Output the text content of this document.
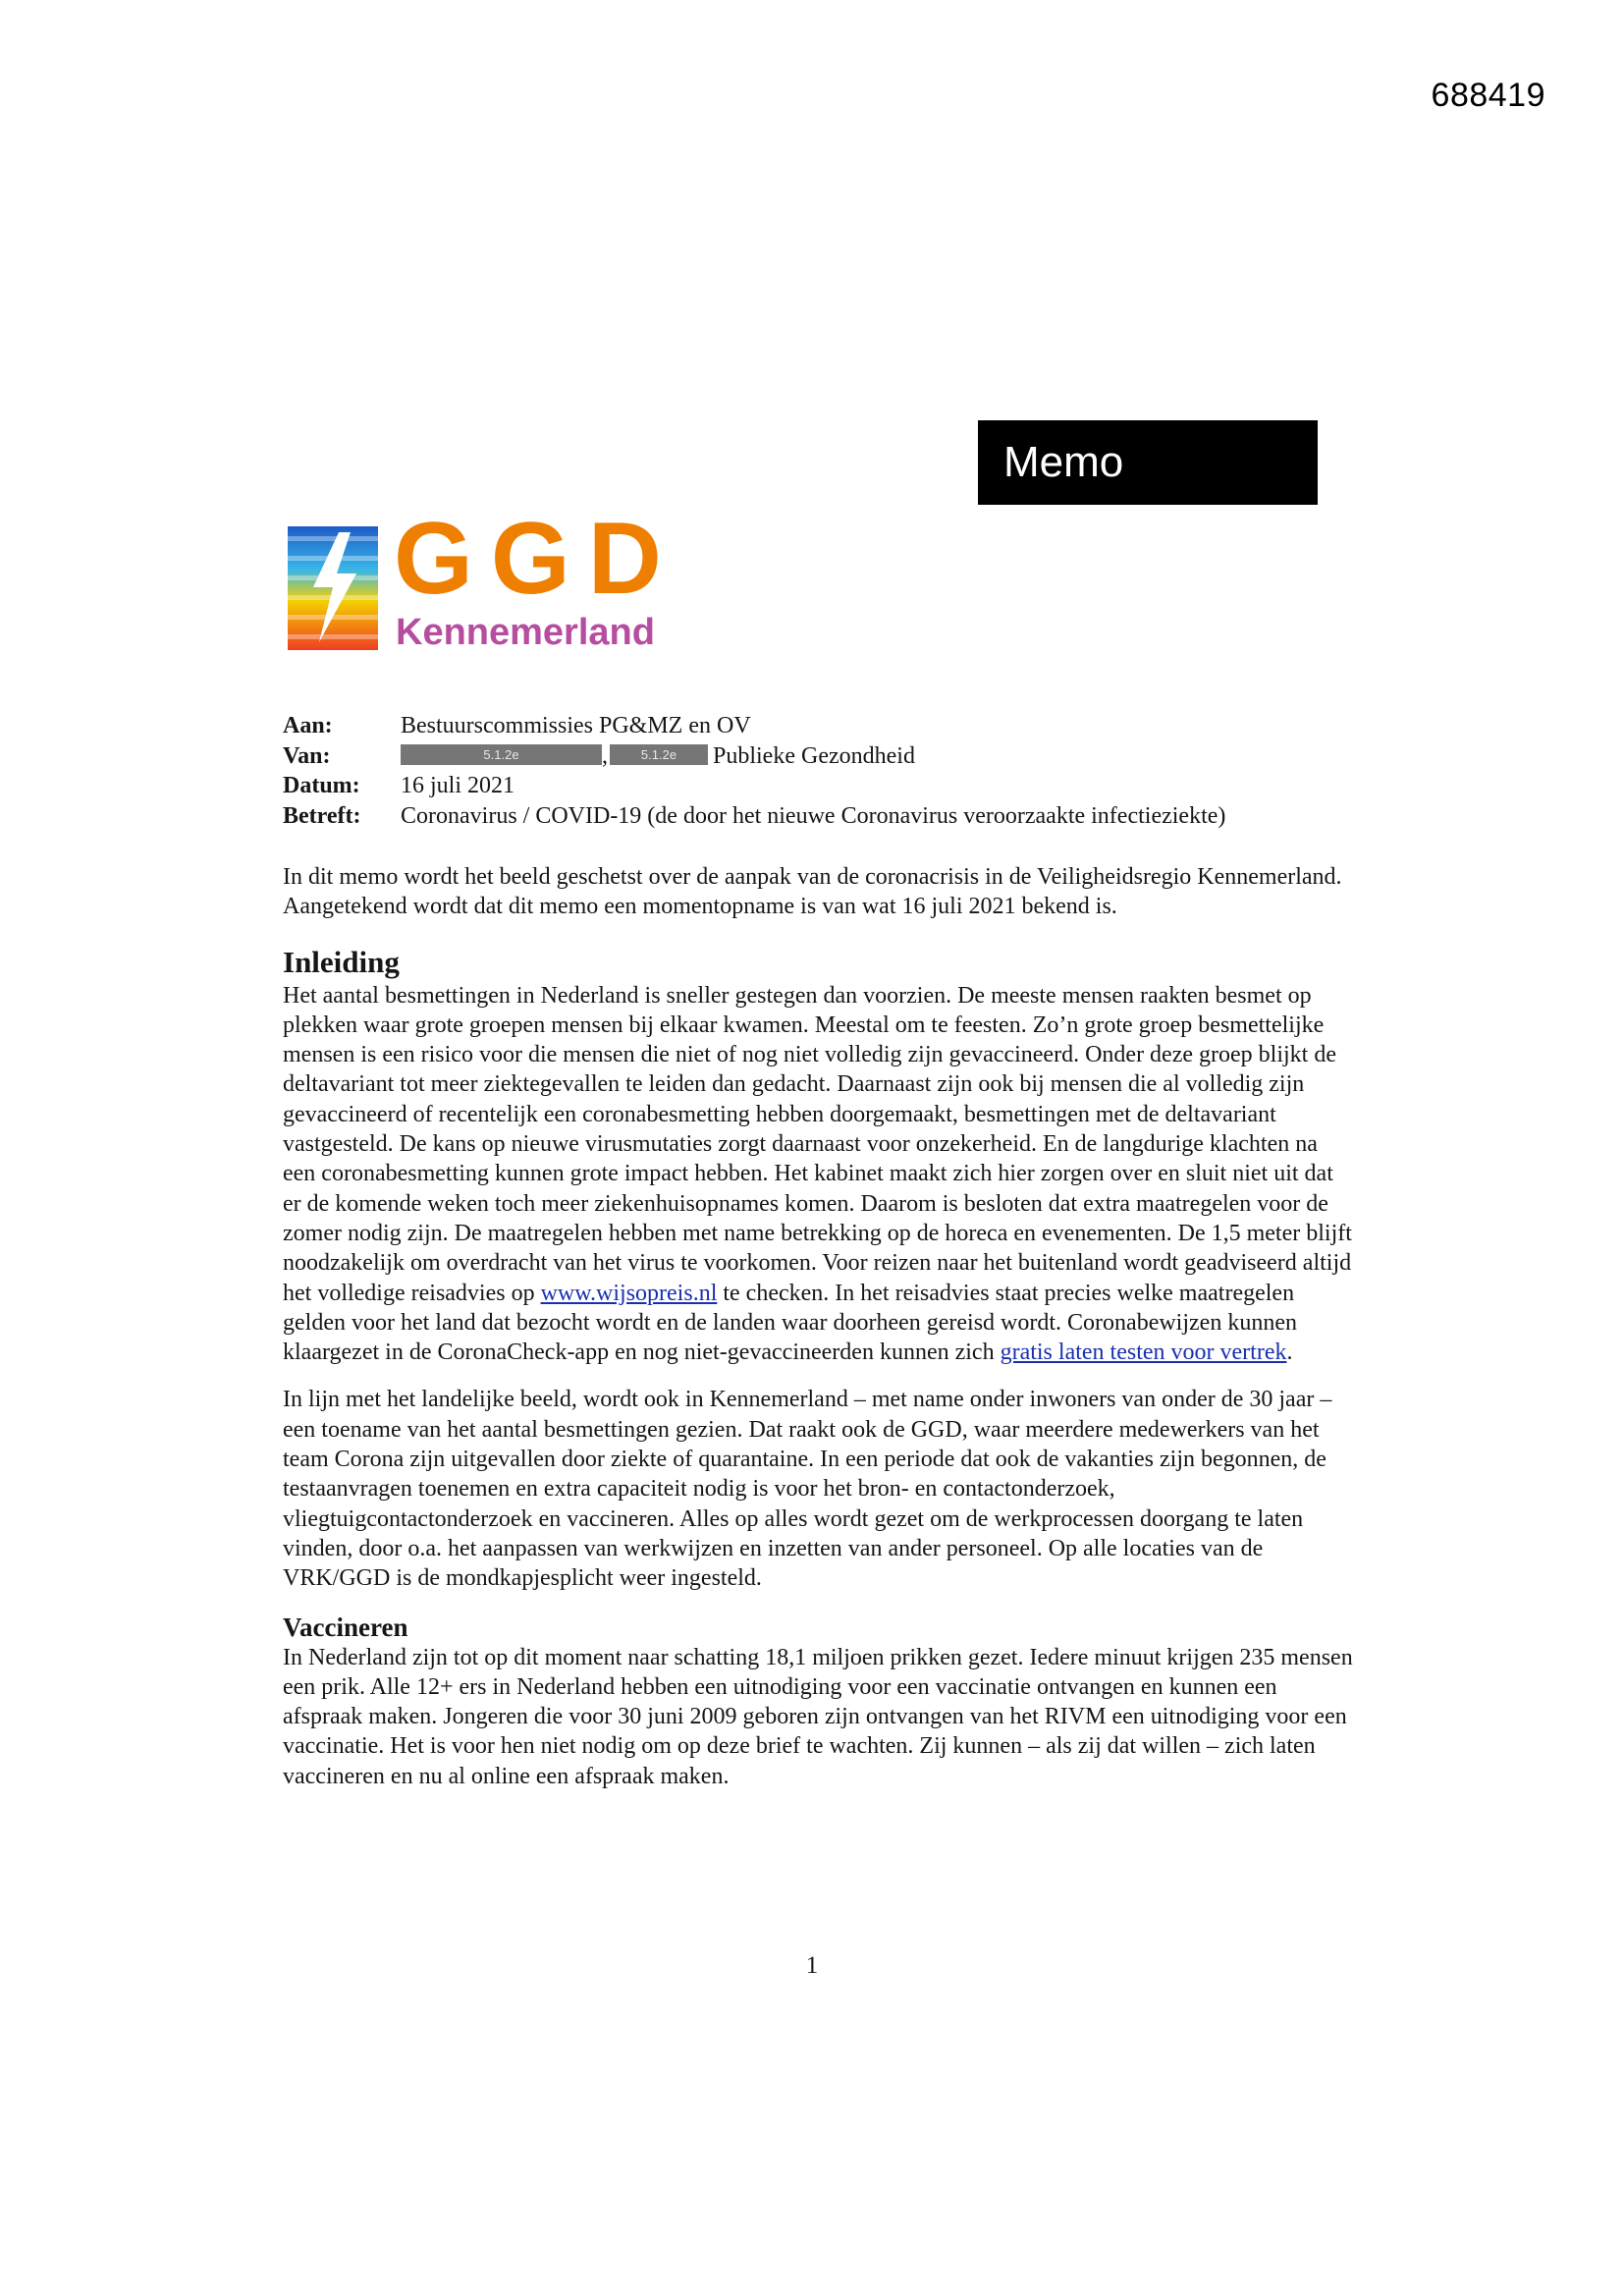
688419
Memo
GGD
Kennemerland
Aan:	Bestuurscommissies PG&MZ en OV
Van:	5.1.2e , 5.1.2e Publieke Gezondheid
Datum:	16 juli 2021
Betreft:	Coronavirus / COVID-19 (de door het nieuwe Coronavirus veroorzaakte infectieziekte)

In dit memo wordt het beeld geschetst over de aanpak van de coronacrisis in de Veiligheidsregio Kennemerland. Aangetekend wordt dat dit memo een momentopname is van wat 16 juli 2021 bekend is.

Inleiding

Het aantal besmettingen in Nederland is sneller gestegen dan voorzien. De meeste mensen raakten besmet op plekken waar grote groepen mensen bij elkaar kwamen. Meestal om te feesten. Zo’n grote groep besmettelijke mensen is een risico voor die mensen die niet of nog niet volledig zijn gevaccineerd. Onder deze groep blijkt de deltavariant tot meer ziektegevallen te leiden dan gedacht. Daarnaast zijn ook bij mensen die al volledig zijn gevaccineerd of recentelijk een coronabesmetting hebben doorgemaakt, besmettingen met de deltavariant vastgesteld. De kans op nieuwe virusmutaties zorgt daarnaast voor onzekerheid. En de langdurige klachten na een coronabesmetting kunnen grote impact hebben. Het kabinet maakt zich hier zorgen over en sluit niet uit dat er de komende weken toch meer ziekenhuisopnames komen. Daarom is besloten dat extra maatregelen voor de zomer nodig zijn. De maatregelen hebben met name betrekking op de horeca en evenementen. De 1,5 meter blijft noodzakelijk om overdracht van het virus te voorkomen. Voor reizen naar het buitenland wordt geadviseerd altijd het volledige reisadvies op www.wijsopreis.nl te checken. In het reisadvies staat precies welke maatregelen gelden voor het land dat bezocht wordt en de landen waar doorheen gereisd wordt. Coronabewijzen kunnen klaargezet in de CoronaCheck-app en nog niet-gevaccineerden kunnen zich gratis laten testen voor vertrek.

In lijn met het landelijke beeld, wordt ook in Kennemerland – met name onder inwoners van onder de 30 jaar – een toename van het aantal besmettingen gezien. Dat raakt ook de GGD, waar meerdere medewerkers van het team Corona zijn uitgevallen door ziekte of quarantaine. In een periode dat ook de vakanties zijn begonnen, de testaanvragen toenemen en extra capaciteit nodig is voor het bron- en contactonderzoek, vliegtuigcontactonderzoek en vaccineren. Alles op alles wordt gezet om de werkprocessen doorgang te laten vinden, door o.a. het aanpassen van werkwijzen en inzetten van ander personeel. Op alle locaties van de VRK/GGD is de mondkapjesplicht weer ingesteld.

Vaccineren

In Nederland zijn tot op dit moment naar schatting 18,1 miljoen prikken gezet. Iedere minuut krijgen 235 mensen een prik. Alle 12+ ers in Nederland hebben een uitnodiging voor een vaccinatie ontvangen en kunnen een afspraak maken. Jongeren die voor 30 juni 2009 geboren zijn ontvangen van het RIVM een uitnodiging voor een vaccinatie. Het is voor hen niet nodig om op deze brief te wachten. Zij kunnen – als zij dat willen – zich laten vaccineren en nu al online een afspraak maken.

1
